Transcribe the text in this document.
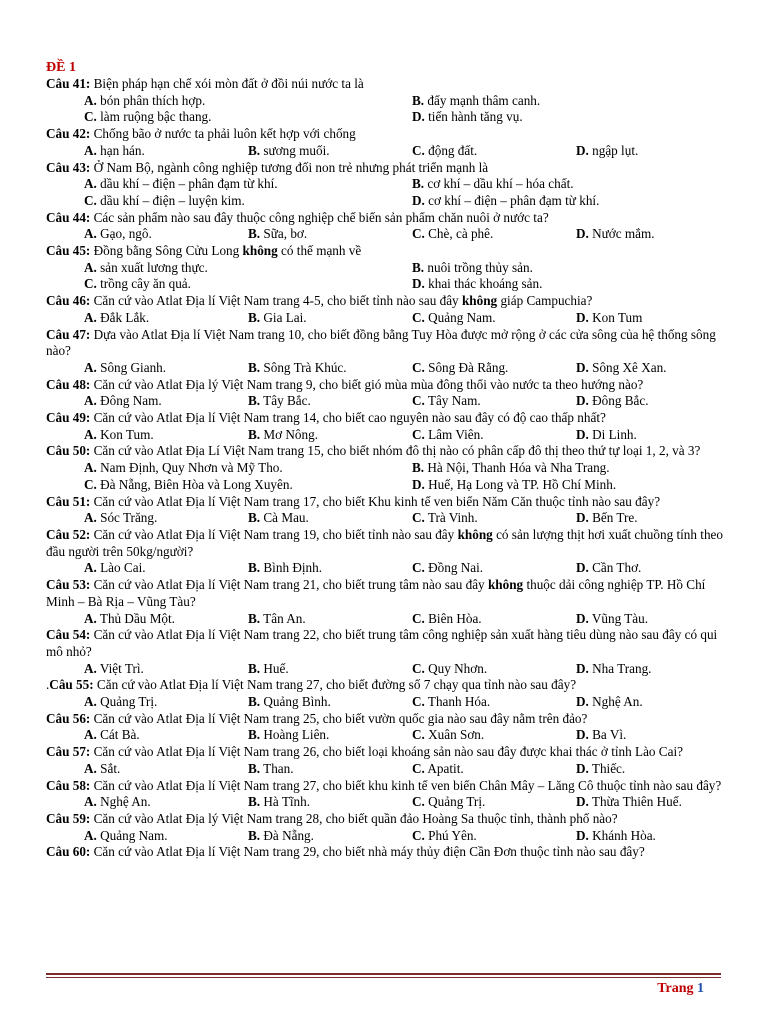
ĐỀ 1
Câu 41: Biện pháp hạn chế xói mòn đất ở đồi núi nước ta là
A. bón phân thích hợp.	B. đẩy mạnh thâm canh.
C. làm ruộng bậc thang.	D. tiến hành tăng vụ.
Câu 42: Chống bão ở nước ta phải luôn kết hợp với chống
A. hạn hán.	B. sương muối.	C. động đất.	D. ngập lụt.
Câu 43: Ở Nam Bộ, ngành công nghiệp tương đối non trẻ nhưng phát triển mạnh là
A. dầu khí – điện – phân đạm từ khí.	B. cơ khí – dầu khí – hóa chất.
C. dầu khí – điện – luyện kim.	D. cơ khí – điện – phân đạm từ khí.
Câu 44: Các sản phẩm nào sau đây thuộc công nghiệp chế biến sản phẩm chăn nuôi ở nước ta?
A. Gạo, ngô.	B. Sữa, bơ.	C. Chè, cà phê.	D. Nước mắm.
Câu 45: Đồng bằng Sông Cửu Long không có thế mạnh về
A. sản xuất lương thực.	B. nuôi trồng thủy sản.
C. trồng cây ăn quả.	D. khai thác khoáng sản.
Câu 46: Căn cứ vào Atlat Địa lí Việt Nam trang 4-5, cho biết tỉnh nào sau đây không giáp Campuchia?
A. Đắk Lắk.	B. Gia Lai.	C. Quảng Nam.	D. Kon Tum
Câu 47: Dựa vào Atlat Địa lí Việt Nam trang 10, cho biết đồng bằng Tuy Hòa được mở rộng ở các cửa sông của hệ thống sông nào?
A. Sông Gianh.	B. Sông Trà Khúc.	C. Sông Đà Rằng.	D. Sông Xê Xan.
Câu 48: Căn cứ vào Atlat Địa lý Việt Nam trang 9, cho biết gió mùa mùa đông thổi vào nước ta theo hướng nào?
A. Đông Nam.	B. Tây Bắc.	C. Tây Nam.	D. Đông Bắc.
Câu 49: Căn cứ vào Atlat Địa lí Việt Nam trang 14, cho biết cao nguyên nào sau đây có độ cao thấp nhất?
A. Kon Tum.	B. Mơ Nông.	C. Lâm Viên.	D. Di Linh.
Câu 50: Căn cứ vào Atlat Địa Lí Việt Nam trang 15, cho biết nhóm đô thị nào có phân cấp đô thị theo thứ tự loại 1, 2, và 3?
A. Nam Định, Quy Nhơn và Mỹ Tho.	B. Hà Nội, Thanh Hóa và Nha Trang.
C. Đà Nẵng, Biên Hòa và Long Xuyên.	D. Huế, Hạ Long và TP. Hồ Chí Minh.
Câu 51: Căn cứ vào Atlat Địa lí Việt Nam trang 17, cho biết Khu kinh tế ven biển Năm Căn thuộc tỉnh nào sau đây?
A. Sóc Trăng.	B. Cà Mau.	C. Trà Vinh.	D. Bến Tre.
Câu 52: Căn cứ vào Atlat Địa lí Việt Nam trang 19, cho biết tỉnh nào sau đây không có sản lượng thịt hơi xuất chuồng tính theo đầu người trên 50kg/người?
A. Lào Cai.	B. Bình Định.	C. Đồng Nai.	D. Cần Thơ.
Câu 53: Căn cứ vào Atlat Địa lí Việt Nam trang 21, cho biết trung tâm nào sau đây không thuộc dải công nghiệp TP. Hồ Chí Minh – Bà Rịa – Vũng Tàu?
A. Thủ Dầu Một.	B. Tân An.	C. Biên Hòa.	D. Vũng Tàu.
Câu 54: Căn cứ vào Atlat Địa lí Việt Nam trang 22, cho biết trung tâm công nghiệp sản xuất hàng tiêu dùng nào sau đây có qui mô nhỏ?
A. Việt Trì.	B. Huế.	C. Quy Nhơn.	D. Nha Trang.
.Câu 55: Căn cứ vào Atlat Địa lí Việt Nam trang 27, cho biết đường số 7 chạy qua tỉnh nào sau đây?
A. Quảng Trị.	B. Quảng Bình.	C. Thanh Hóa.	D. Nghệ An.
Câu 56: Căn cứ vào Atlat Địa lí Việt Nam trang 25, cho biết vườn quốc gia nào sau đây nằm trên đảo?
A. Cát Bà.	B. Hoàng Liên.	C. Xuân Sơn.	D. Ba Vì.
Câu 57: Căn cứ vào Atlat Địa lí Việt Nam trang 26, cho biết loại khoáng sản nào sau đây được khai thác ở tỉnh Lào Cai?
A. Sắt.	B. Than.	C. Apatit.	D. Thiếc.
Câu 58: Căn cứ vào Atlat Địa lí Việt Nam trang 27, cho biết khu kinh tế ven biển Chân Mây – Lăng Cô thuộc tỉnh nào sau đây?
A. Nghệ An.	B. Hà Tĩnh.	C. Quảng Trị.	D. Thừa Thiên Huế.
Câu 59: Căn cứ vào Atlat Địa lý Việt Nam trang 28, cho biết quần đảo Hoàng Sa thuộc tỉnh, thành phố nào?
A. Quảng Nam.	B. Đà Nẵng.	C. Phú Yên.	D. Khánh Hòa.
Câu 60: Căn cứ vào Atlat Địa lí Việt Nam trang 29, cho biết nhà máy thủy điện Cần Đơn thuộc tỉnh nào sau đây?
Trang 1
